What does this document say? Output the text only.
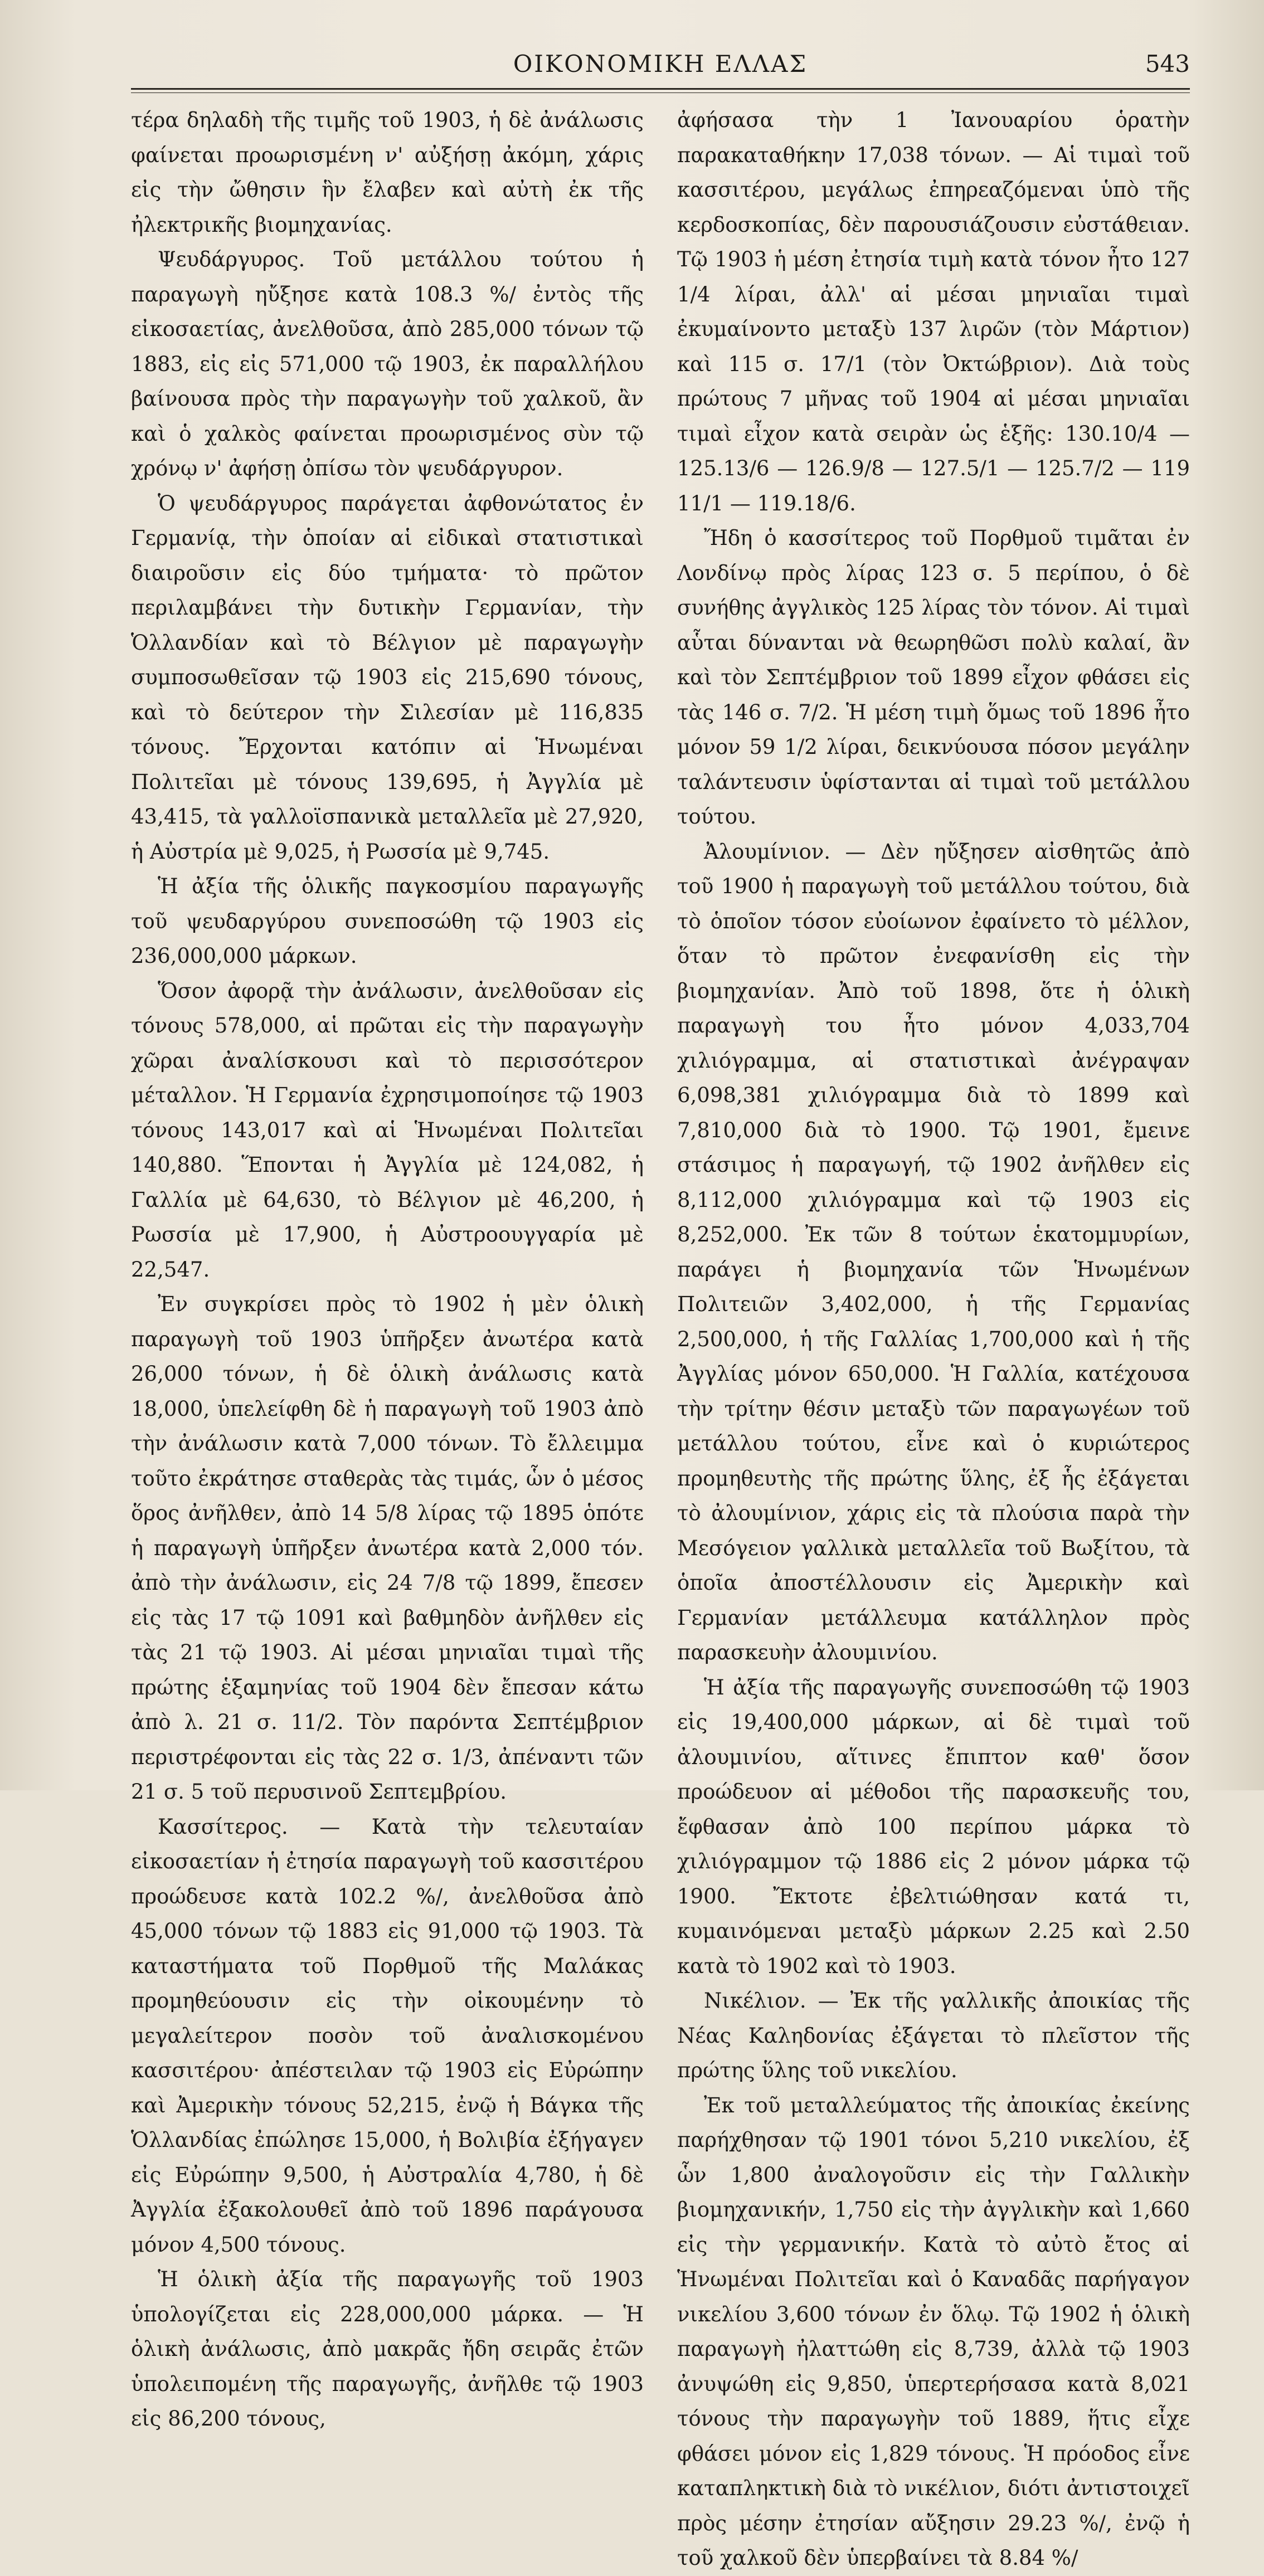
ΟΙΚΟΝΟΜΙΚΗ ΕΛΛΑΣ	543

τέρα δηλαδὴ τῆς τιμῆς τοῦ 1903, ἡ δὲ ἀνάλωσις φαίνεται προωρισμένη ν' αὐξήσῃ ἀκόμη, χάρις εἰς τὴν ὤθησιν ἣν ἔλαβεν καὶ αὐτὴ ἐκ τῆς ἠλεκτρικῆς βιομηχανίας.

Ψευδάργυρος. Τοῦ μετάλλου τούτου ἡ παραγωγὴ ηὔξησε κατὰ 108.3 %/ ἐντὸς τῆς εἰκοσαετίας, ἀνελθοῦσα, ἀπὸ 285,000 τόνων τῷ 1883, εἰς εἰς 571,000 τῷ 1903, ἐκ παραλλήλου βαίνουσα πρὸς τὴν παραγωγὴν τοῦ χαλκοῦ, ἂν καὶ ὁ χαλκὸς φαίνεται προωρισμένος σὺν τῷ χρόνῳ ν' ἀφήσῃ ὀπίσω τὸν ψευδάργυρον.

Ὁ ψευδάργυρος παράγεται ἀφθονώτατος ἐν Γερμανίᾳ, τὴν ὁποίαν αἱ εἰδικαὶ στατιστικαὶ διαιροῦσιν εἰς δύο τμήματα· τὸ πρῶτον περιλαμβάνει τὴν δυτικὴν Γερμανίαν, τὴν Ὁλλανδίαν καὶ τὸ Βέλγιον μὲ παραγωγὴν συμποσωθεῖσαν τῷ 1903 εἰς 215,690 τόνους, καὶ τὸ δεύτερον τὴν Σιλεσίαν μὲ 116,835 τόνους. Ἔρχονται κατόπιν αἱ Ἡνωμέναι Πολιτεῖαι μὲ τόνους 139,695, ἡ Ἀγγλία μὲ 43,415, τὰ γαλλοϊσπανικὰ μεταλλεῖα μὲ 27,920, ἡ Αὐστρία μὲ 9,025, ἡ Ρωσσία μὲ 9,745.

Ἡ ἀξία τῆς ὁλικῆς παγκοσμίου παραγωγῆς τοῦ ψευδαργύρου συνεποσώθη τῷ 1903 εἰς 236,000,000 μάρκων.

Ὅσον ἀφορᾷ τὴν ἀνάλωσιν, ἀνελθοῦσαν εἰς τόνους 578,000, αἱ πρῶται εἰς τὴν παραγωγὴν χῶραι ἀναλίσκουσι καὶ τὸ περισσότερον μέταλλον. Ἡ Γερμανία ἐχρησιμοποίησε τῷ 1903 τόνους 143,017 καὶ αἱ Ἡνωμέναι Πολιτεῖαι 140,880. Ἕπονται ἡ Ἀγγλία μὲ 124,082, ἡ Γαλλία μὲ 64,630, τὸ Βέλγιον μὲ 46,200, ἡ Ρωσσία μὲ 17,900, ἡ Αὐστροουγγαρία μὲ 22,547.

Ἐν συγκρίσει πρὸς τὸ 1902 ἡ μὲν ὁλικὴ παραγωγὴ τοῦ 1903 ὑπῆρξεν ἀνωτέρα κατὰ 26,000 τόνων, ἡ δὲ ὁλικὴ ἀνάλωσις κατὰ 18,000, ὑπελείφθη δὲ ἡ παραγωγὴ τοῦ 1903 ἀπὸ τὴν ἀνάλωσιν κατὰ 7,000 τόνων. Τὸ ἔλλειμμα τοῦτο ἐκράτησε σταθερὰς τὰς τιμάς, ὧν ὁ μέσος ὅρος ἀνῆλθεν, ἀπὸ 14 5/8 λίρας τῷ 1895 ὁπότε ἡ παραγωγὴ ὑπῆρξεν ἀνωτέρα κατὰ 2,000 τόν. ἀπὸ τὴν ἀνάλωσιν, εἰς 24 7/8 τῷ 1899, ἔπεσεν εἰς τὰς 17 τῷ 1091 καὶ βαθμηδὸν ἀνῆλθεν εἰς τὰς 21 τῷ 1903. Αἱ μέσαι μηνιαῖαι τιμαὶ τῆς πρώτης ἑξαμηνίας τοῦ 1904 δὲν ἔπεσαν κάτω ἀπὸ λ. 21 σ. 11/2. Τὸν παρόντα Σεπτέμβριον περιστρέφονται εἰς τὰς 22 σ. 1/3, ἀπέναντι τῶν 21 σ. 5 τοῦ περυσινοῦ Σεπτεμβρίου.

Κασσίτερος. — Κατὰ τὴν τελευταίαν εἰκοσαετίαν ἡ ἐτησία παραγωγὴ τοῦ κασσιτέρου προώδευσε κατὰ 102.2 %/, ἀνελθοῦσα ἀπὸ 45,000 τόνων τῷ 1883 εἰς 91,000 τῷ 1903. Τὰ καταστήματα τοῦ Πορθμοῦ τῆς Μαλάκας προμηθεύουσιν εἰς τὴν οἰκουμένην τὸ μεγαλείτερον ποσὸν τοῦ ἀναλισκομένου κασσιτέρου· ἀπέστειλαν τῷ 1903 εἰς Εὐρώπην καὶ Ἀμερικὴν τόνους 52,215, ἐνῷ ἡ Βάγκα τῆς Ὁλλανδίας ἐπώλησε 15,000, ἡ Βολιβία ἐξήγαγεν εἰς Εὐρώπην 9,500, ἡ Αὐστραλία 4,780, ἡ δὲ Ἀγγλία ἐξακολουθεῖ ἀπὸ τοῦ 1896 παράγουσα μόνον 4,500 τόνους.

Ἡ ὁλικὴ ἀξία τῆς παραγωγῆς τοῦ 1903 ὑπολογίζεται εἰς 228,000,000 μάρκα. — Ἡ ὁλικὴ ἀνάλωσις, ἀπὸ μακρᾶς ἤδη σειρᾶς ἐτῶν ὑπολειπομένη τῆς παραγωγῆς, ἀνῆλθε τῷ 1903 εἰς 86,200 τόνους,

ἀφήσασα τὴν 1 Ἰανουαρίου ὁρατὴν παρακαταθήκην 17,038 τόνων. — Αἱ τιμαὶ τοῦ κασσιτέρου, μεγάλως ἐπηρεαζόμεναι ὑπὸ τῆς κερδοσκοπίας, δὲν παρουσιάζουσιν εὐστάθειαν. Τῷ 1903 ἡ μέση ἐτησία τιμὴ κατὰ τόνον ἦτο 127 1/4 λίραι, ἀλλ' αἱ μέσαι μηνιαῖαι τιμαὶ ἐκυμαίνοντο μεταξὺ 137 λιρῶν (τὸν Μάρτιον) καὶ 115 σ. 17/1 (τὸν Ὀκτώβριον). Διὰ τοὺς πρώτους 7 μῆνας τοῦ 1904 αἱ μέσαι μηνιαῖαι τιμαὶ εἶχον κατὰ σειρὰν ὡς ἑξῆς: 130.10/4 — 125.13/6 — 126.9/8 — 127.5/1 — 125.7/2 — 119 11/1 — 119.18/6.

Ἤδη ὁ κασσίτερος τοῦ Πορθμοῦ τιμᾶται ἐν Λονδίνῳ πρὸς λίρας 123 σ. 5 περίπου, ὁ δὲ συνήθης ἀγγλικὸς 125 λίρας τὸν τόνον. Αἱ τιμαὶ αὗται δύνανται νὰ θεωρηθῶσι πολὺ καλαί, ἂν καὶ τὸν Σεπτέμβριον τοῦ 1899 εἶχον φθάσει εἰς τὰς 146 σ. 7/2. Ἡ μέση τιμὴ ὅμως τοῦ 1896 ἦτο μόνον 59 1/2 λίραι, δεικνύουσα πόσον μεγάλην ταλάντευσιν ὑφίστανται αἱ τιμαὶ τοῦ μετάλλου τούτου.

Ἀλουμίνιον. — Δὲν ηὔξησεν αἰσθητῶς ἀπὸ τοῦ 1900 ἡ παραγωγὴ τοῦ μετάλλου τούτου, διὰ τὸ ὁποῖον τόσον εὐοίωνον ἐφαίνετο τὸ μέλλον, ὅταν τὸ πρῶτον ἐνεφανίσθη εἰς τὴν βιομηχανίαν. Ἀπὸ τοῦ 1898, ὅτε ἡ ὁλικὴ παραγωγὴ του ἦτο μόνον 4,033,704 χιλιόγραμμα, αἱ στατιστικαὶ ἀνέγραψαν 6,098,381 χιλιόγραμμα διὰ τὸ 1899 καὶ 7,810,000 διὰ τὸ 1900. Τῷ 1901, ἔμεινε στάσιμος ἡ παραγωγή, τῷ 1902 ἀνῆλθεν εἰς 8,112,000 χιλιόγραμμα καὶ τῷ 1903 εἰς 8,252,000. Ἐκ τῶν 8 τούτων ἑκατομμυρίων, παράγει ἡ βιομηχανία τῶν Ἡνωμένων Πολιτειῶν 3,402,000, ἡ τῆς Γερμανίας 2,500,000, ἡ τῆς Γαλλίας 1,700,000 καὶ ἡ τῆς Ἀγγλίας μόνον 650,000. Ἡ Γαλλία, κατέχουσα τὴν τρίτην θέσιν μεταξὺ τῶν παραγωγέων τοῦ μετάλλου τούτου, εἶνε καὶ ὁ κυριώτερος προμηθευτὴς τῆς πρώτης ὕλης, ἐξ ἧς ἐξάγεται τὸ ἀλουμίνιον, χάρις εἰς τὰ πλούσια παρὰ τὴν Μεσόγειον γαλλικὰ μεταλλεῖα τοῦ Βωξίτου, τὰ ὁποῖα ἀποστέλλουσιν εἰς Ἀμερικὴν καὶ Γερμανίαν μετάλλευμα κατάλληλον πρὸς παρασκευὴν ἀλουμινίου.

Ἡ ἀξία τῆς παραγωγῆς συνεποσώθη τῷ 1903 εἰς 19,400,000 μάρκων, αἱ δὲ τιμαὶ τοῦ ἀλουμινίου, αἵτινες ἔπιπτον καθ' ὅσον προώδευον αἱ μέθοδοι τῆς παρασκευῆς του, ἔφθασαν ἀπὸ 100 περίπου μάρκα τὸ χιλιόγραμμον τῷ 1886 εἰς 2 μόνον μάρκα τῷ 1900. Ἔκτοτε ἐβελτιώθησαν κατά τι, κυμαινόμεναι μεταξὺ μάρκων 2.25 καὶ 2.50 κατὰ τὸ 1902 καὶ τὸ 1903.

Νικέλιον. — Ἐκ τῆς γαλλικῆς ἀποικίας τῆς Νέας Καληδονίας ἐξάγεται τὸ πλεῖστον τῆς πρώτης ὕλης τοῦ νικελίου.

Ἐκ τοῦ μεταλλεύματος τῆς ἀποικίας ἐκείνης παρήχθησαν τῷ 1901 τόνοι 5,210 νικελίου, ἐξ ὧν 1,800 ἀναλογοῦσιν εἰς τὴν Γαλλικὴν βιομηχανικήν, 1,750 εἰς τὴν ἀγγλικὴν καὶ 1,660 εἰς τὴν γερμανικήν. Κατὰ τὸ αὐτὸ ἔτος αἱ Ἡνωμέναι Πολιτεῖαι καὶ ὁ Καναδᾶς παρήγαγον νικελίου 3,600 τόνων ἐν ὅλῳ. Τῷ 1902 ἡ ὁλικὴ παραγωγὴ ἠλαττώθη εἰς 8,739, ἀλλὰ τῷ 1903 ἀνυψώθη εἰς 9,850, ὑπερτερήσασα κατὰ 8,021 τόνους τὴν παραγωγὴν τοῦ 1889, ἥτις εἶχε φθάσει μόνον εἰς 1,829 τόνους. Ἡ πρόοδος εἶνε καταπληκτικὴ διὰ τὸ νικέλιον, διότι ἀντιστοιχεῖ πρὸς μέσην ἐτησίαν αὔξησιν 29.23 %/, ἐνῷ ἡ τοῦ χαλκοῦ δὲν ὑπερβαίνει τὰ 8.84 %/
